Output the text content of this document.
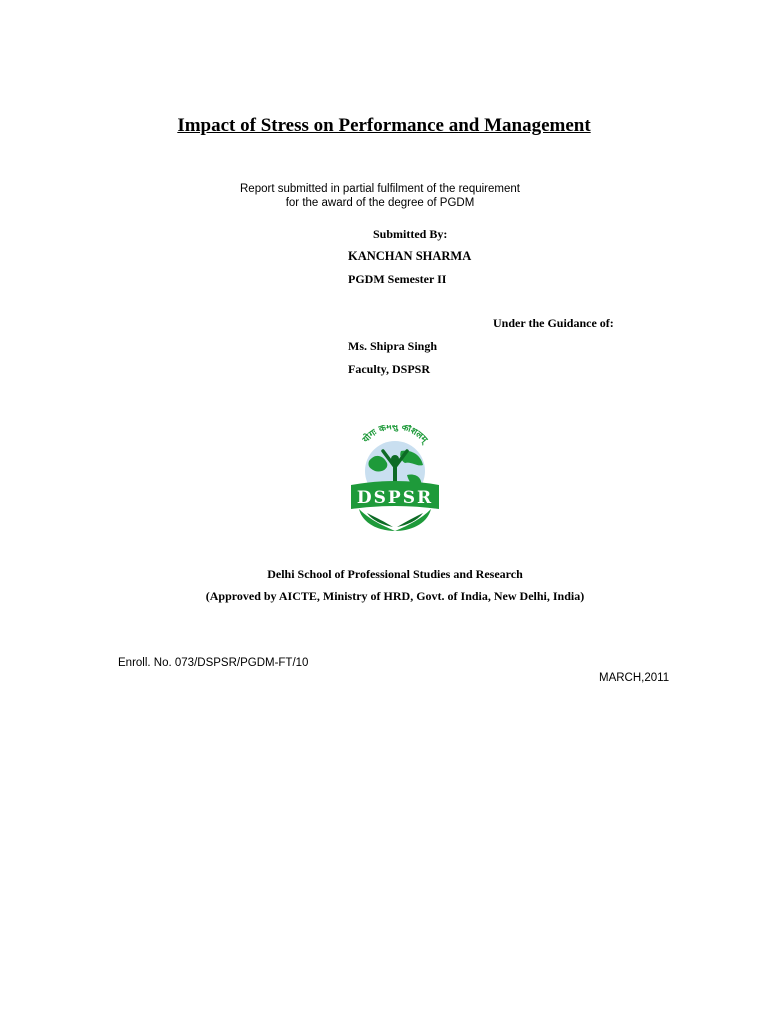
Impact of Stress on Performance and Management

Report submitted in partial fulfilment of the requirement

for the award of the degree of PGDM

Submitted By:

KANCHAN SHARMA

PGDM Semester II

Under the Guidance of:

Ms. Shipra Singh

Faculty, DSPSR

योगः कर्मसु कौशलम्
DSPSR

Delhi School of Professional Studies and Research

(Approved by AICTE, Ministry of HRD, Govt. of India, New Delhi, India)

Enroll. No. 073/DSPSR/PGDM-FT/10

MARCH,2011
